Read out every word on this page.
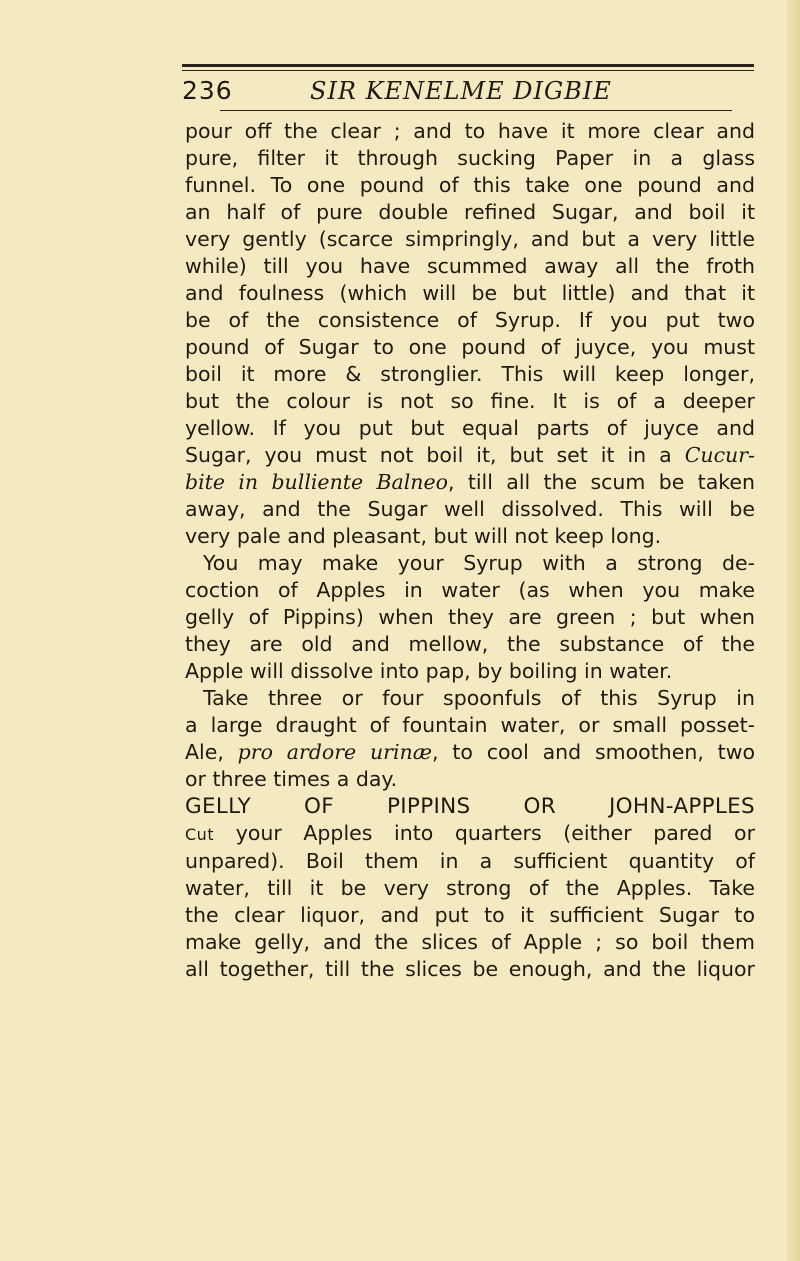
236	SIR KENELME DIGBIE
pour off the clear ; and to have it more clear and
pure, filter it through sucking Paper in a glass
funnel. To one pound of this take one pound and
an half of pure double refined Sugar, and boil it
very gently (scarce simpringly, and but a very little
while) till you have scummed away all the froth
and foulness (which will be but little) and that it
be of the consistence of Syrup. If you put two
pound of Sugar to one pound of juyce, you must
boil it more & stronglier. This will keep longer,
but the colour is not so fine. It is of a deeper
yellow. If you put but equal parts of juyce and
Sugar, you must not boil it, but set it in a Cucur-
bite in bulliente Balneo, till all the scum be taken
away, and the Sugar well dissolved. This will be
very pale and pleasant, but will not keep long.
You may make your Syrup with a strong de-
coction of Apples in water (as when you make
gelly of Pippins) when they are green ; but when
they are old and mellow, the substance of the
Apple will dissolve into pap, by boiling in water.
Take three or four spoonfuls of this Syrup in
a large draught of fountain water, or small posset-
Ale, pro ardore urinæ, to cool and smoothen, two
or three times a day.
GELLY OF PIPPINS OR JOHN-APPLES
Cut your Apples into quarters (either pared or
unpared). Boil them in a sufficient quantity of
water, till it be very strong of the Apples. Take
the clear liquor, and put to it sufficient Sugar to
make gelly, and the slices of Apple ; so boil them
all together, till the slices be enough, and the liquor
